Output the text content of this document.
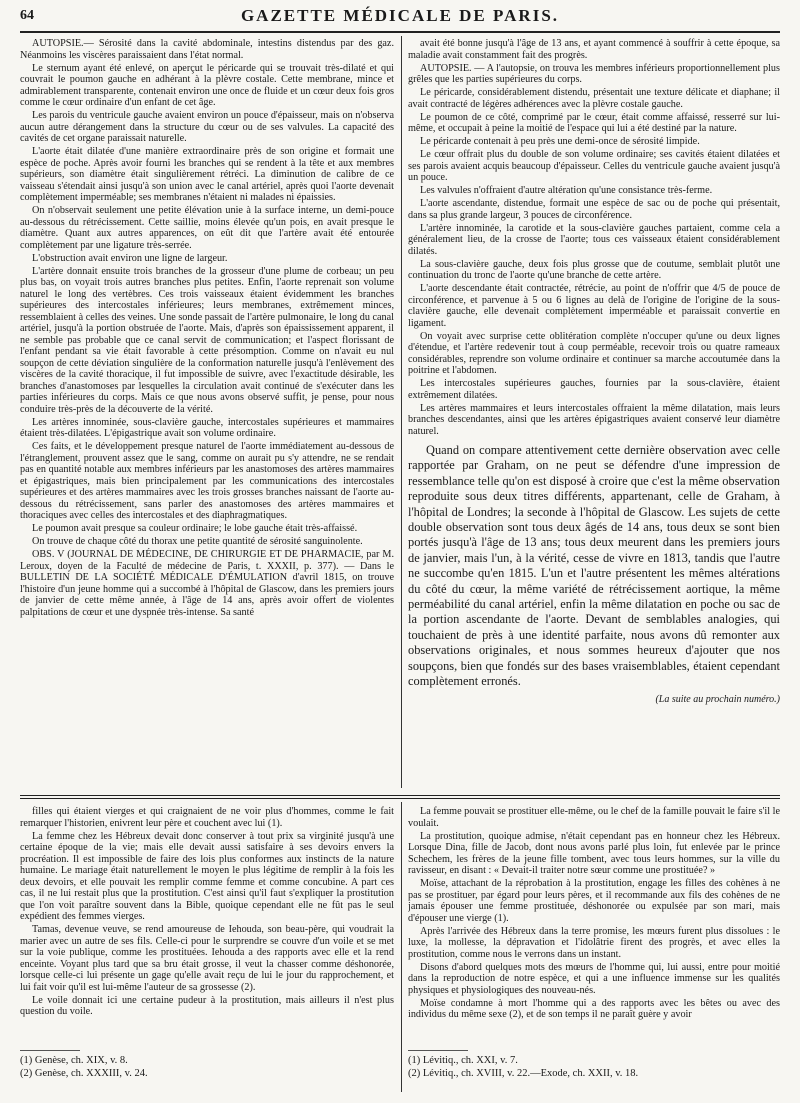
64	GAZETTE MÉDICALE DE PARIS.

AUTOPSIE.— Sérosité dans la cavité abdominale, intestins distendus par des gaz. Néanmoins les viscères paraissaient dans l'état normal.

Le sternum ayant été enlevé, on aperçut le péricarde qui se trouvait très-dilaté et qui couvrait le poumon gauche en adhérant à la plèvre costale. Cette membrane, mince et admirablement transparente, contenait environ une once de fluide et un cœur deux fois gros comme le cœur ordinaire d'un enfant de cet âge.

Les parois du ventricule gauche avaient environ un pouce d'épaisseur, mais on n'observa aucun autre dérangement dans la structure du cœur ou de ses valvules. La capacité des cavités de cet organe paraissait naturelle.

L'aorte était dilatée d'une manière extraordinaire près de son origine et formait une espèce de poche. Après avoir fourni les branches qui se rendent à la tête et aux membres supérieurs, son diamètre était singulièrement rétréci. La diminution de calibre de ce vaisseau s'étendait ainsi jusqu'à son union avec le canal artériel, après quoi l'aorte devenait complètement imperméable; ses membranes n'étaient ni malades ni épaissies.

On n'observait seulement une petite élévation unie à la surface interne, un demi-pouce au-dessous du rétrécissement. Cette saillie, moins élevée qu'un pois, en avait presque le diamètre. Quant aux autres apparences, on eût dit que l'artère avait été entourée complètement par une ligature très-serrée.

L'obstruction avait environ une ligne de largeur.

L'artère donnait ensuite trois branches de la grosseur d'une plume de corbeau; un peu plus bas, on voyait trois autres branches plus petites. Enfin, l'aorte reprenait son volume naturel le long des vertèbres. Ces trois vaisseaux étaient évidemment les branches supérieures des intercostales inférieures; leurs membranes, extrêmement minces, ressemblaient à celles des veines. Une sonde passait de l'artère pulmonaire, le long du canal artériel, jusqu'à la portion obstruée de l'aorte. Mais, d'après son épaississement apparent, il ne semble pas probable que ce canal servit de communication; et l'aspect florissant de l'enfant pendant sa vie était favorable à cette présomption. Comme on n'avait eu nul soupçon de cette déviation singulière de la conformation naturelle jusqu'à l'enlèvement des viscères de la cavité thoracique, il fut impossible de suivre, avec l'exactitude désirable, les branches d'anastomoses par lesquelles la circulation avait continué de s'exécuter dans les parties inférieures du corps. Mais ce que nous avons observé suffit, je pense, pour nous conduire très-près de la découverte de la vérité.

Les artères innominée, sous-clavière gauche, intercostales supérieures et mammaires étaient très-dilatées. L'épigastrique avait son volume ordinaire.

Ces faits, et le développement presque naturel de l'aorte immédiatement au-dessous de l'étranglement, prouvent assez que le sang, comme on aurait pu s'y attendre, ne se rendait pas en quantité notable aux membres inférieurs par les anastomoses des artères mammaires et épigastriques, mais bien principalement par les communications des intercostales supérieures et des artères mammaires avec les trois grosses branches naissant de l'aorte au-dessous du rétrécissement, sans parler des anastomoses des artères mammaires et thoraciques avec celles des intercostales et des diaphragmatiques.

Le poumon avait presque sa couleur ordinaire; le lobe gauche était très-affaissé.

On trouve de chaque côté du thorax une petite quantité de sérosité sanguinolente.

OBS. V (JOURNAL DE MÉDECINE, DE CHIRURGIE ET DE PHARMACIE, par M. Leroux, doyen de la Faculté de médecine de Paris, t. XXXII, p. 377). — Dans le BULLETIN DE LA SOCIÉTÉ MÉDICALE D'ÉMULATION d'avril 1815, on trouve l'histoire d'un jeune homme qui a succombé à l'hôpital de Glascow, dans les premiers jours de janvier de cette même année, à l'âge de 14 ans, après avoir offert de violentes palpitations de cœur et une dyspnée très-intense. Sa santé

avait été bonne jusqu'à l'âge de 13 ans, et ayant commencé à souffrir à cette époque, sa maladie avait constamment fait des progrès.

AUTOPSIE. — A l'autopsie, on trouva les membres inférieurs proportionnellement plus grêles que les parties supérieures du corps.

Le péricarde, considérablement distendu, présentait une texture délicate et diaphane; il avait contracté de légères adhérences avec la plèvre costale gauche.

Le poumon de ce côté, comprimé par le cœur, était comme affaissé, resserré sur lui-même, et occupait à peine la moitié de l'espace qui lui a été destiné par la nature.

Le péricarde contenait à peu près une demi-once de sérosité limpide.

Le cœur offrait plus du double de son volume ordinaire; ses cavités étaient dilatées et ses parois avaient acquis beaucoup d'épaisseur. Celles du ventricule gauche avaient jusqu'à un pouce.

Les valvules n'offraient d'autre altération qu'une consistance très-ferme.

L'aorte ascendante, distendue, formait une espèce de sac ou de poche qui présentait, dans sa plus grande largeur, 3 pouces de circonférence.

L'artère innominée, la carotide et la sous-clavière gauches partaient, comme cela a généralement lieu, de la crosse de l'aorte; tous ces vaisseaux étaient considérablement dilatés.

La sous-clavière gauche, deux fois plus grosse que de coutume, semblait plutôt une continuation du tronc de l'aorte qu'une branche de cette artère.

L'aorte descendante était contractée, rétrécie, au point de n'offrir que 4/5 de pouce de circonférence, et parvenue à 5 ou 6 lignes au delà de l'origine de l'origine de la sous-clavière gauche, elle devenait complètement imperméable et paraissait convertie en ligament.

On voyait avec surprise cette oblitération complète n'occuper qu'une ou deux lignes d'étendue, et l'artère redevenir tout à coup perméable, recevoir trois ou quatre rameaux considérables, reprendre son volume ordinaire et continuer sa marche accoutumée dans la poitrine et l'abdomen.

Les intercostales supérieures gauches, fournies par la sous-clavière, étaient extrêmement dilatées.

Les artères mammaires et leurs intercostales offraient la même dilatation, mais leurs branches descendantes, ainsi que les artères épigastriques avaient conservé leur diamètre naturel.

Quand on compare attentivement cette dernière observation avec celle rapportée par Graham, on ne peut se défendre d'une impression de ressemblance telle qu'on est disposé à croire que c'est la même observation reproduite sous deux titres différents, appartenant, celle de Graham, à l'hôpital de Londres; la seconde à l'hôpital de Glascow. Les sujets de cette double observation sont tous deux âgés de 14 ans, tous deux se sont bien portés jusqu'à l'âge de 13 ans; tous deux meurent dans les premiers jours de janvier, mais l'un, à la vérité, cesse de vivre en 1813, tandis que l'autre ne succombe qu'en 1815. L'un et l'autre présentent les mêmes altérations du côté du cœur, la même variété de rétrécissement aortique, la même perméabilité du canal artériel, enfin la même dilatation en poche ou sac de la portion ascendante de l'aorte. Devant de semblables analogies, qui touchaient de près à une identité parfaite, nous avons dû remonter aux observations originales, et nous sommes heureux d'ajouter que nos soupçons, bien que fondés sur des bases vraisemblables, étaient cependant complètement erronés.

(La suite au prochain numéro.)

filles qui étaient vierges et qui craignaient de ne voir plus d'hommes, comme le fait remarquer l'historien, enivrent leur père et couchent avec lui (1).

La femme chez les Hébreux devait donc conserver à tout prix sa virginité jusqu'à une certaine époque de la vie; mais elle devait aussi satisfaire à ses devoirs envers la procréation. Il est impossible de faire des lois plus conformes aux instincts de la nature humaine. Le mariage était naturellement le moyen le plus légitime de remplir à la fois les deux devoirs, et elle pouvait les remplir comme femme et comme concubine. A part ces cas, il ne lui restait plus que la prostitution. C'est ainsi qu'il faut s'expliquer la prostitution que l'on voit paraître souvent dans la Bible, quoique cependant elle ne fût pas le seul expédient des femmes vierges.

Tamas, devenue veuve, se rend amoureuse de Iehouda, son beau-père, qui voudrait la marier avec un autre de ses fils. Celle-ci pour le surprendre se couvre d'un voile et se met sur la voie publique, comme les prostituées. Iehouda a des rapports avec elle et la rend enceinte. Voyant plus tard que sa bru était grosse, il veut la chasser comme déshonorée, lorsque celle-ci lui présente un gage qu'elle avait reçu de lui le jour du rapprochement, et lui fait voir qu'il est lui-même l'auteur de sa grossesse (2).

Le voile donnait ici une certaine pudeur à la prostitution, mais ailleurs il n'est plus question du voile.

La femme pouvait se prostituer elle-même, ou le chef de la famille pouvait le faire s'il le voulait.

La prostitution, quoique admise, n'était cependant pas en honneur chez les Hébreux. Lorsque Dina, fille de Jacob, dont nous avons parlé plus loin, fut enlevée par le prince Schechem, les frères de la jeune fille tombent, avec tous leurs hommes, sur la ville du ravisseur, en disant : « Devait-il traiter notre sœur comme une prostituée? »

Moïse, attachant de la réprobation à la prostitution, engage les filles des cohènes à ne pas se prostituer, par égard pour leurs pères, et il recommande aux fils des cohènes de ne jamais épouser une femme prostituée, déshonorée ou expulsée par son mari, mais d'épouser une vierge (1).

Après l'arrivée des Hébreux dans la terre promise, les mœurs furent plus dissolues : le luxe, la mollesse, la dépravation et l'idolâtrie firent des progrès, et avec elles la prostitution, comme nous le verrons dans un instant.

Disons d'abord quelques mots des mœurs de l'homme qui, lui aussi, entre pour moitié dans la reproduction de notre espèce, et qui a une influence immense sur les qualités physiques et physiologiques des nouveau-nés.

Moïse condamne à mort l'homme qui a des rapports avec les bêtes ou avec des individus du même sexe (2), et de son temps il ne paraît guère y avoir

(1) Genèse, ch. XIX, v. 8.
(2) Genèse, ch. XXXIII, v. 24.
(1) Lévitiq., ch. XXI, v. 7.
(2) Lévitiq., ch. XVIII, v. 22.—Exode, ch. XXII, v. 18.
